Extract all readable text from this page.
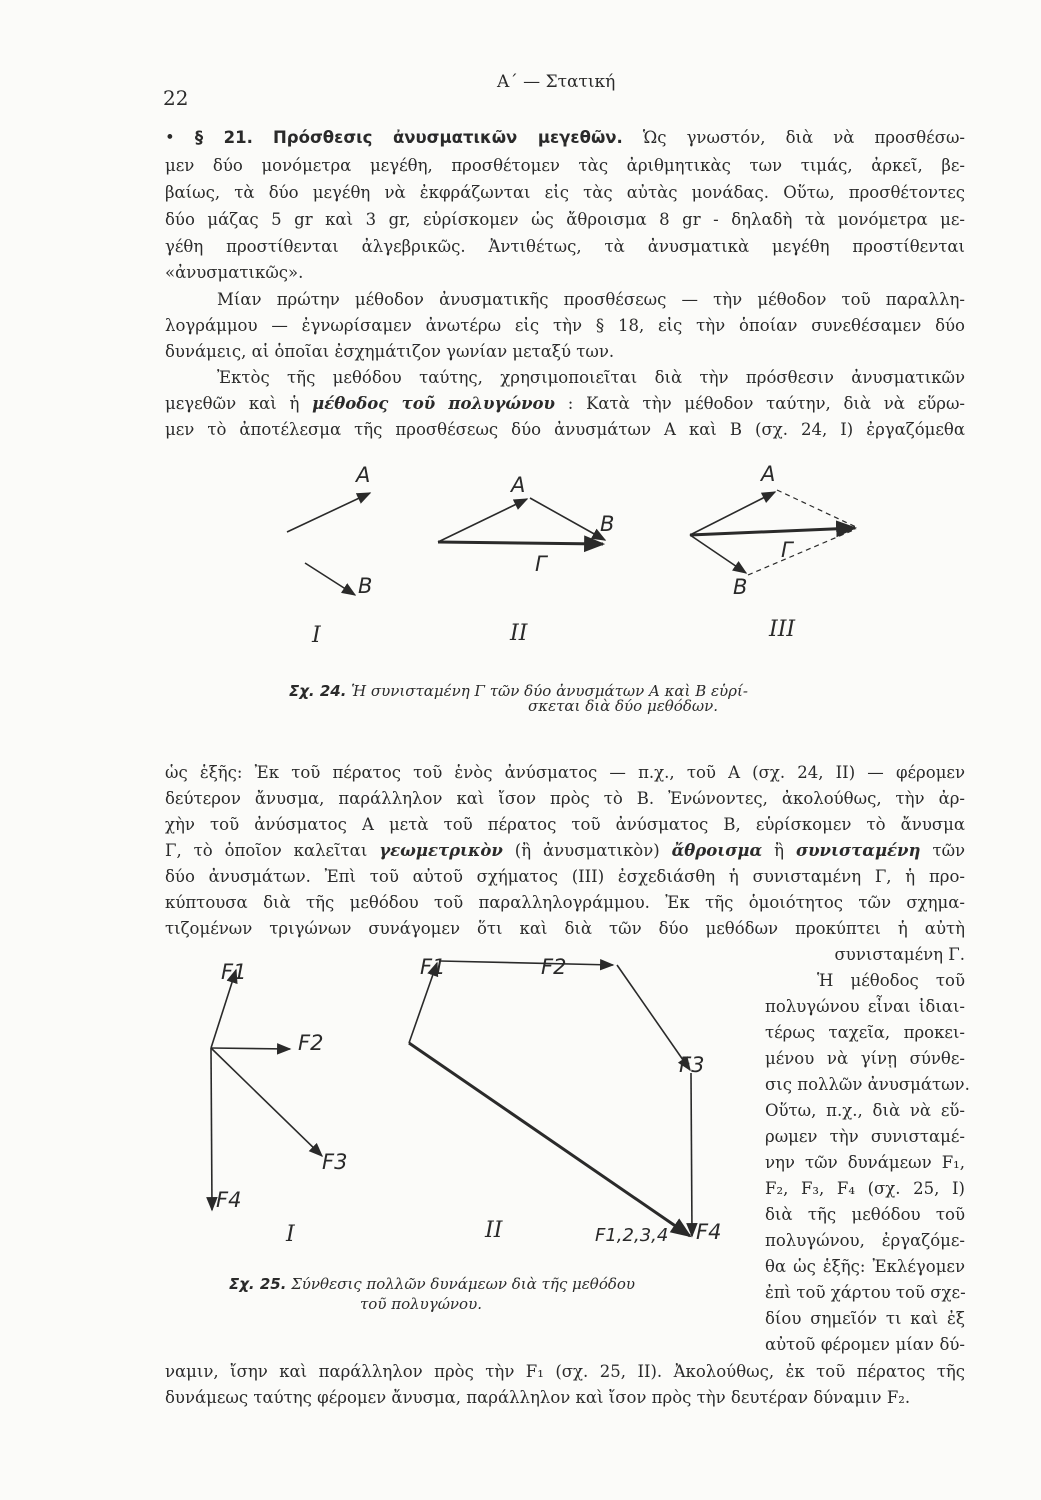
22
Α΄ — Στατική
• § 21. Πρόσθεσις ἀνυσματικῶν μεγεθῶν. Ὡς γνωστόν, διὰ νὰ προσθέσω-
μεν δύο μονόμετρα μεγέθη, προσθέτομεν τὰς ἀριθμητικὰς των τιμάς, ἀρκεῖ, βε-
βαίως, τὰ δύο μεγέθη νὰ ἐκφράζωνται εἰς τὰς αὐτὰς μονάδας. Οὕτω, προσθέτοντες
δύο μάζας 5 gr καὶ 3 gr, εὑρίσκομεν ὡς ἄθροισμα 8 gr - δηλαδὴ τὰ μονόμετρα με-
γέθη προστίθενται ἀλγεβρικῶς. Ἀντιθέτως, τὰ ἀνυσματικὰ μεγέθη προστίθενται
«ἀνυσματικῶς».
Μίαν πρώτην μέθοδον ἀνυσματικῆς προσθέσεως — τὴν μέθοδον τοῦ παραλλη-
λογράμμου — ἐγνωρίσαμεν ἀνωτέρω εἰς τὴν § 18, εἰς τὴν ὁποίαν συνεθέσαμεν δύο
δυνάμεις, αἱ ὁποῖαι ἐσχημάτιζον γωνίαν μεταξύ των.
Ἐκτὸς τῆς μεθόδου ταύτης, χρησιμοποιεῖται διὰ τὴν πρόσθεσιν ἀνυσματικῶν
μεγεθῶν καὶ ἡ μέθοδος τοῦ πολυγώνου : Κατὰ τὴν μέθοδον ταύτην, διὰ νὰ εὕρω-
μεν τὸ ἀποτέλεσμα τῆς προσθέσεως δύο ἀνυσμάτων Α καὶ Β (σχ. 24, I) ἐργαζόμεθα
A
B
A
B
Γ
A
B
Γ
I	II	III
Σχ. 24. Ἡ συνισταμένη Γ τῶν δύο ἀνυσμάτων Α καὶ Β εὑρί-
σκεται διὰ δύο μεθόδων.
ὡς ἑξῆς: Ἐκ τοῦ πέρατος τοῦ ἑνὸς ἀνύσματος — π.χ., τοῦ Α (σχ. 24, II) — φέρομεν
δεύτερον ἄνυσμα, παράλληλον καὶ ἴσον πρὸς τὸ Β. Ἐνώνοντες, ἀκολούθως, τὴν ἀρ-
χὴν τοῦ ἀνύσματος Α μετὰ τοῦ πέρατος τοῦ ἀνύσματος Β, εὑρίσκομεν τὸ ἄνυσμα
Γ, τὸ ὁποῖον καλεῖται γεωμετρικὸν (ἢ ἀνυσματικὸν) ἄθροισμα ἢ συνισταμένη τῶν
δύο ἀνυσμάτων. Ἐπὶ τοῦ αὐτοῦ σχήματος (III) ἐσχεδιάσθη ἡ συνισταμένη Γ, ἡ προ-
κύπτουσα διὰ τῆς μεθόδου τοῦ παραλληλογράμμου. Ἐκ τῆς ὁμοιότητος τῶν σχημα-
τιζομένων τριγώνων συνάγομεν ὅτι καὶ διὰ τῶν δύο μεθόδων προκύπτει ἡ αὐτὴ
συνισταμένη Γ.
Ἡ μέθοδος τοῦ
πολυγώνου εἶναι ἰδιαι-
τέρως ταχεῖα, προκει-
μένου νὰ γίνῃ σύνθε-
σις πολλῶν ἀνυσμάτων.
Οὕτω, π.χ., διὰ νὰ εὕ-
ρωμεν τὴν συνισταμέ-
νην τῶν δυνάμεων F₁,
F₂, F₃, F₄ (σχ. 25, I)
διὰ τῆς μεθόδου τοῦ
πολυγώνου, ἐργαζόμε-
θα ὡς ἑξῆς: Ἐκλέγομεν
ἐπὶ τοῦ χάρτου τοῦ σχε-
δίου σημεῖόν τι καὶ ἐξ
αὐτοῦ φέρομεν μίαν δύ-
F1
F2
F3
F4
F1	F2
F3
F4
F1,2,3,4
I	II
Σχ. 25. Σύνθεσις πολλῶν δυνάμεων διὰ τῆς μεθόδου
τοῦ πολυγώνου.
ναμιν, ἴσην καὶ παράλληλον πρὸς τὴν F₁ (σχ. 25, II). Ἀκολούθως, ἐκ τοῦ πέρατος τῆς
δυνάμεως ταύτης φέρομεν ἄνυσμα, παράλληλον καὶ ἴσον πρὸς τὴν δευτέραν δύναμιν F₂.
